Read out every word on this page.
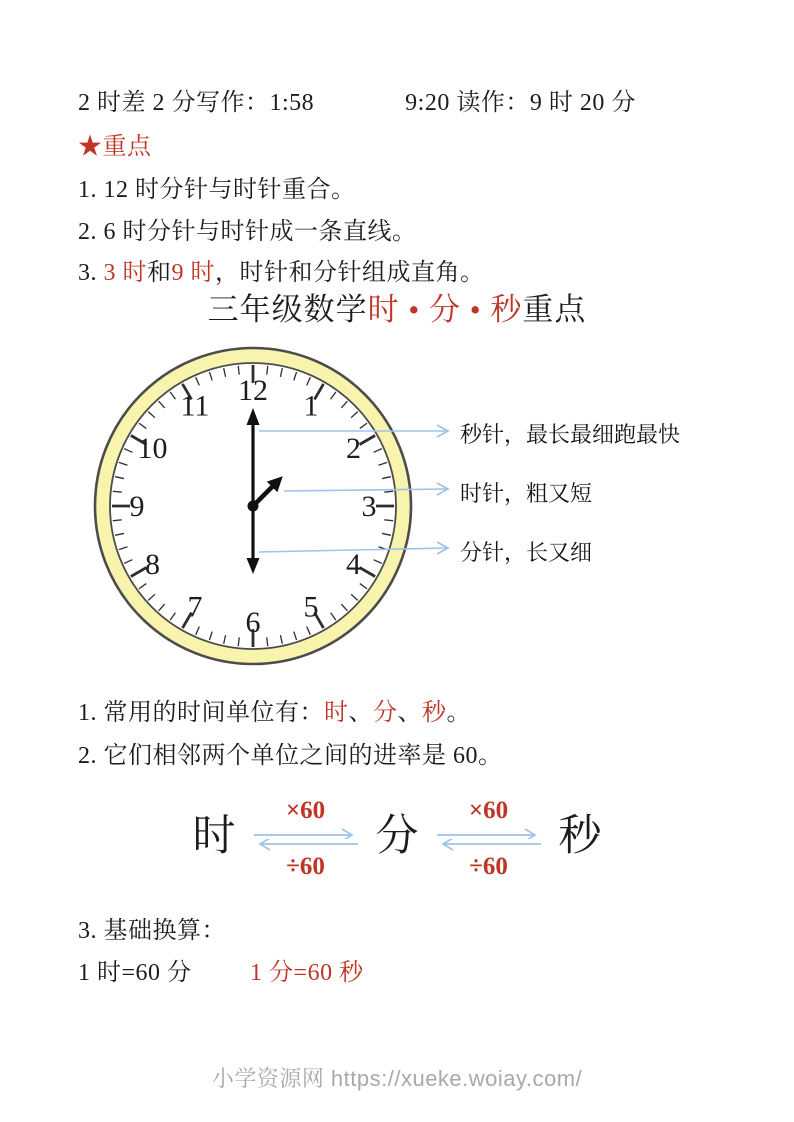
2 时差 2 分写作：1:58	9:20 读作：9 时 20 分
★重点
1. 12 时分针与时针重合。
2. 6 时分针与时针成一条直线。
3. 3 时和9 时，时针和分针组成直角。
三年级数学时 • 分 • 秒重点
1
2
3
4
5
6
7
8
9
10
11 12
秒针，最长最细跑最快
时针，粗又短
分针，长又细
1. 常用的时间单位有：时、分、秒。
2. 它们相邻两个单位之间的进率是 60。
时
×60
÷60
分
×60
÷60
秒
3. 基础换算：
1 时=60 分 1 分=60 秒
小学资源网 https://xueke.woiay.com/
